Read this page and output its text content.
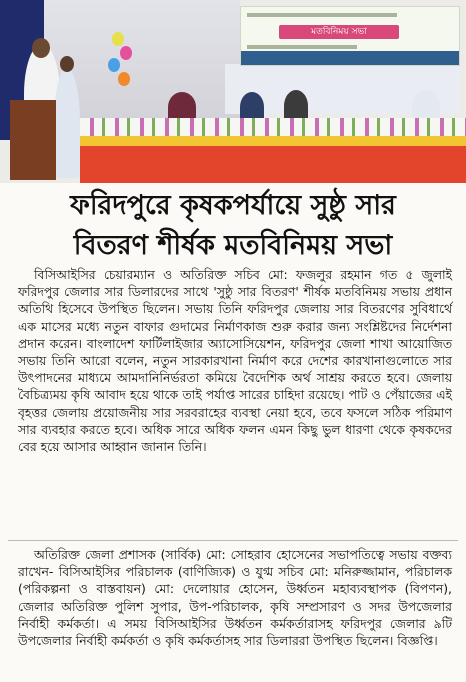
মতবিনিময় সভা
ফরিদপুরে কৃষকপর্যায়ে সুষ্ঠু সার
বিতরণ শীর্ষক মতবিনিময় সভা
বিসিআইসির চেয়ারম্যান ও অতিরিক্ত সচিব মো: ফজলুর রহমান গত ৫ জুলাই ফরিদপুর জেলার সার ডিলারদের সাথে 'সুষ্ঠু সার বিতরণ' শীর্ষক মতবিনিময় সভায় প্রধান অতিথি হিসেবে উপস্থিত ছিলেন। সভায় তিনি ফরিদপুর জেলায় সার বিতরণের সুবিধার্থে এক মাসের মধ্যে নতুন বাফার গুদামের নির্মাণকাজ শুরু করার জন্য সংশ্লিষ্টদের নির্দেশনা প্রদান করেন। বাংলাদেশ ফার্টিলাইজার অ্যাসোসিয়েশন, ফরিদপুর জেলা শাখা আয়োজিত সভায় তিনি আরো বলেন, নতুন সারকারখানা নির্মাণ করে দেশের কারখানাগুলোতে সার উৎপাদনের মাধ্যমে আমদানিনির্ভরতা কমিয়ে বৈদেশিক অর্থ সাশ্রয় করতে হবে। জেলায় বৈচিত্র্যময় কৃষি আবাদ হয়ে থাকে তাই পর্যাপ্ত সারের চাহিদা রয়েছে। পাট ও পেঁয়াজের এই বৃহত্তর জেলায় প্রয়োজনীয় সার সরবরাহের ব্যবস্থা নেয়া হবে, তবে ফসলে সঠিক পরিমাণ সার ব্যবহার করতে হবে। অধিক সারে অধিক ফলন এমন কিছু ভুল ধারণা থেকে কৃষকদের বের হয়ে আসার আহ্বান জানান তিনি।
অতিরিক্ত জেলা প্রশাসক (সার্বিক) মো: সোহরাব হোসেনের সভাপতিত্বে সভায় বক্তব্য রাখেন- বিসিআইসির পরিচালক (বাণিজ্যিক) ও যুগ্ম সচিব মো: মনিরুজ্জামান, পরিচালক (পরিকল্পনা ও বাস্তবায়ন) মো: দেলোয়ার হোসেন, উর্ধ্বতন মহাব্যবস্থাপক (বিপণন), জেলার অতিরিক্ত পুলিশ সুপার, উপ-পরিচালক, কৃষি সম্প্রসারণ ও সদর উপজেলার নির্বাহী কর্মকর্তা। এ সময় বিসিআইসির উর্ধ্বতন কর্মকর্তারাসহ ফরিদপুর জেলার ৯টি উপজেলার নির্বাহী কর্মকর্তা ও কৃষি কর্মকর্তাসহ সার ডিলাররা উপস্থিত ছিলেন। বিজ্ঞপ্তি।
